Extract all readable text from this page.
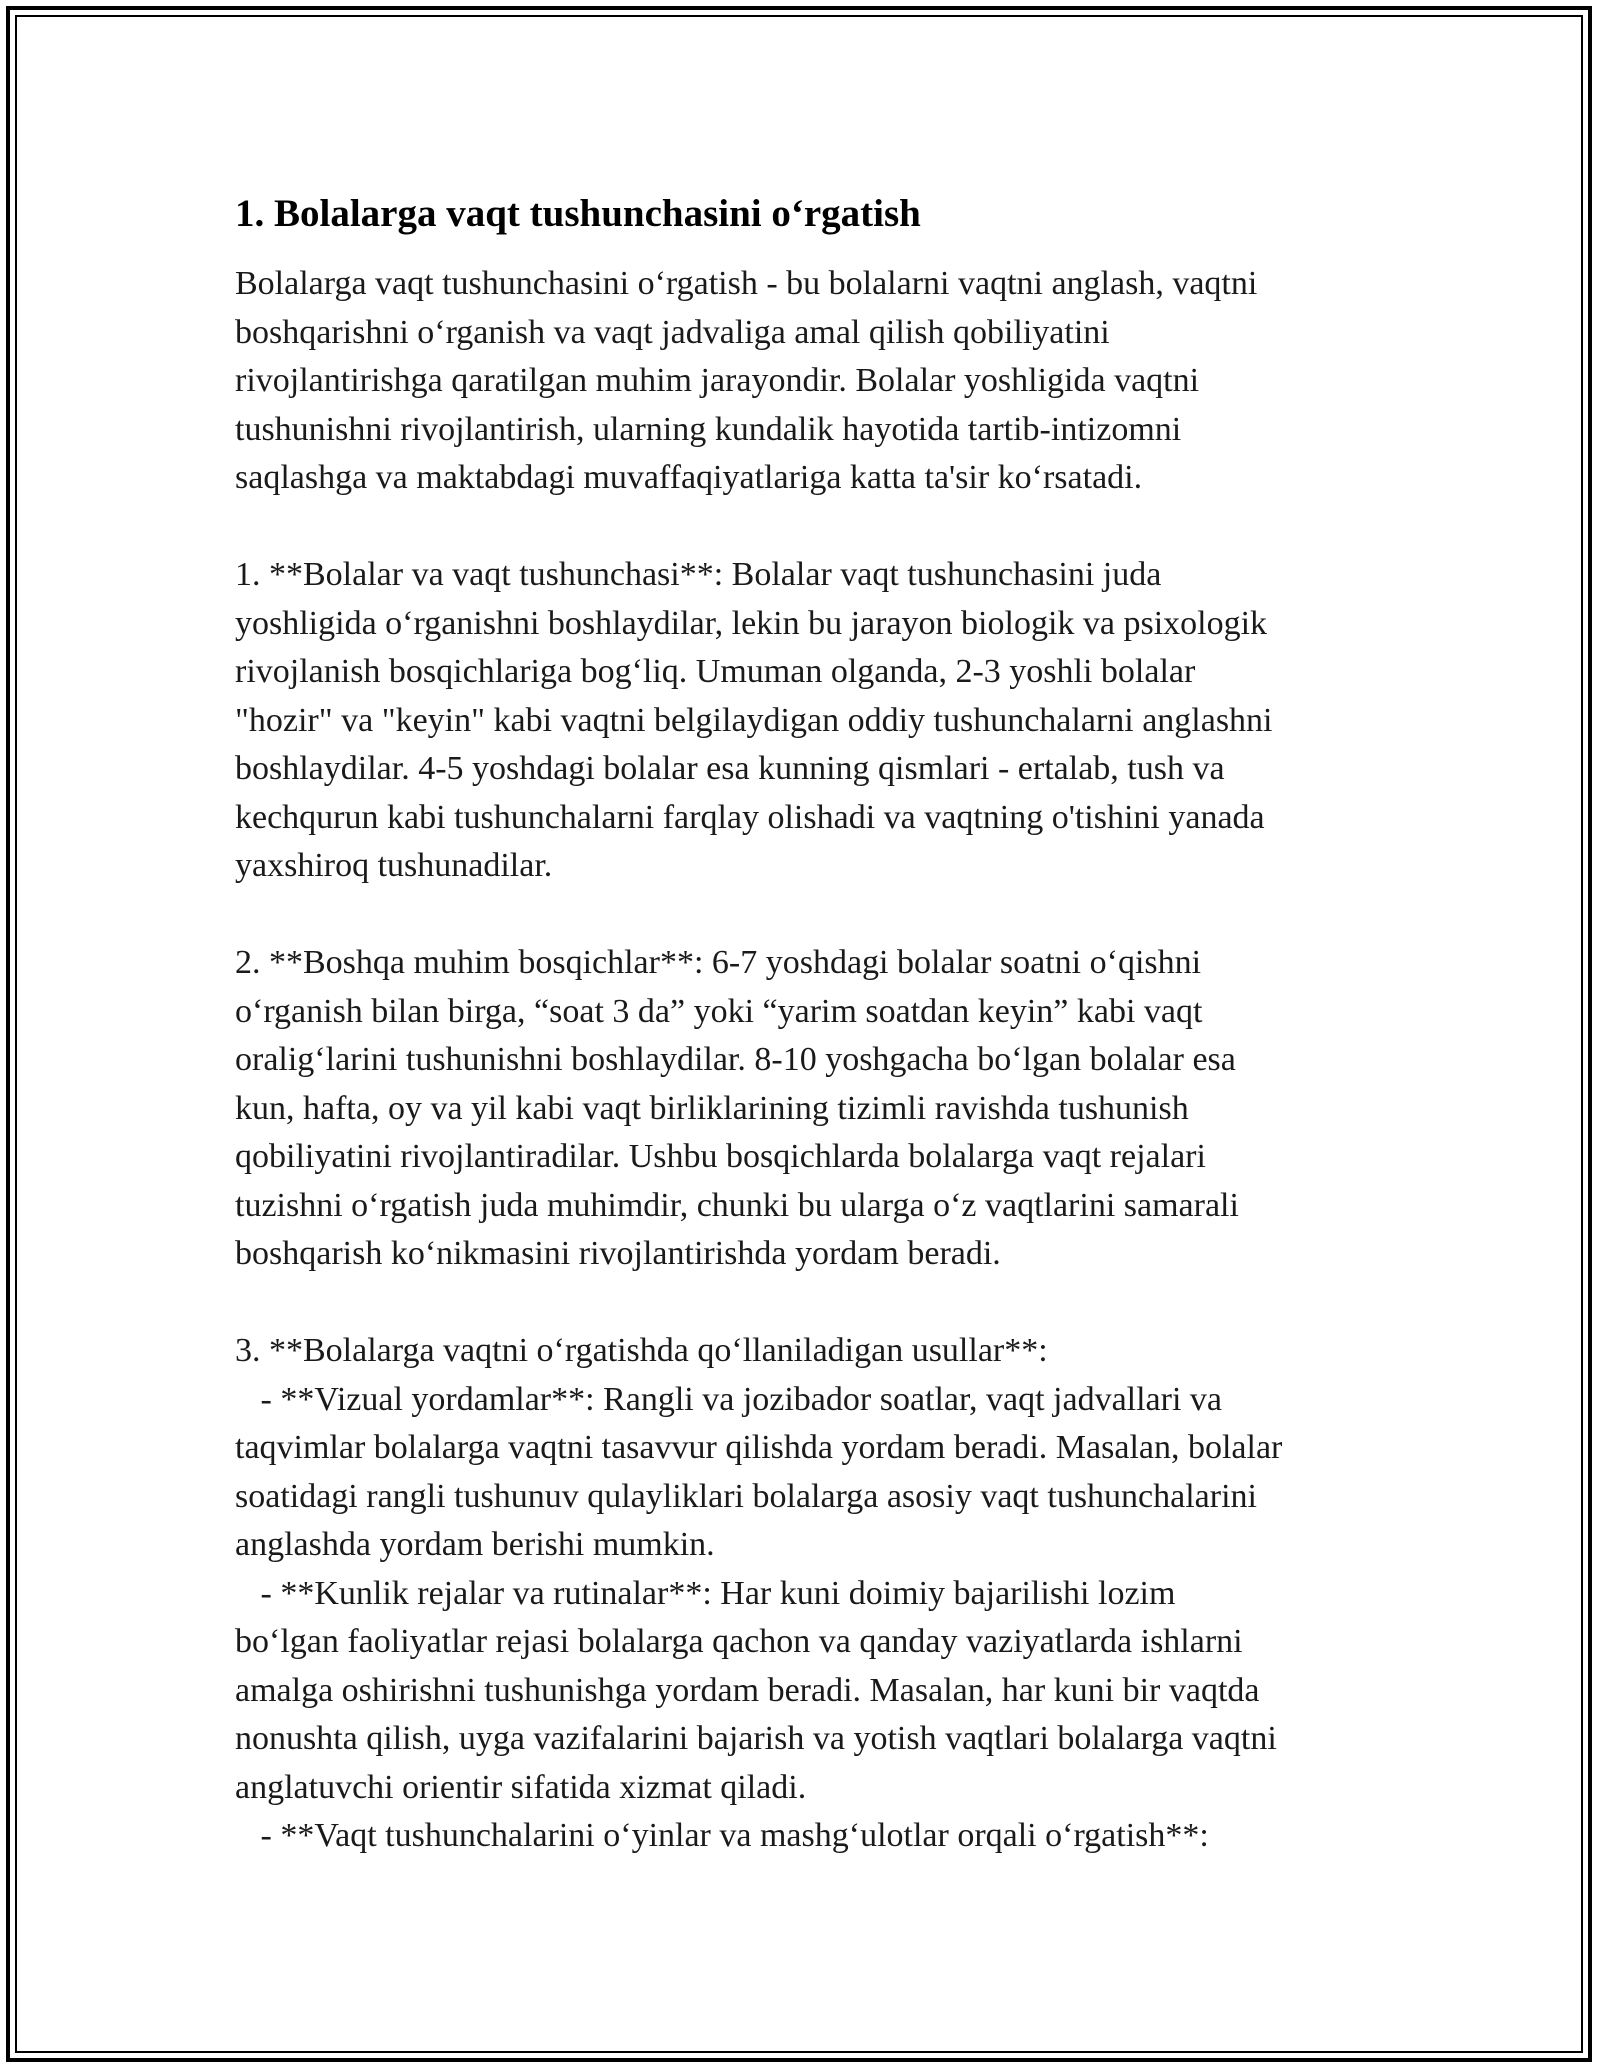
1. Bolalarga vaqt tushunchasini o‘rgatish
Bolalarga vaqt tushunchasini o‘rgatish - bu bolalarni vaqtni anglash, vaqtni
boshqarishni o‘rganish va vaqt jadvaliga amal qilish qobiliyatini
rivojlantirishga qaratilgan muhim jarayondir. Bolalar yoshligida vaqtni
tushunishni rivojlantirish, ularning kundalik hayotida tartib-intizomni
saqlashga va maktabdagi muvaffaqiyatlariga katta ta'sir ko‘rsatadi.
1. **Bolalar va vaqt tushunchasi**: Bolalar vaqt tushunchasini juda
yoshligida o‘rganishni boshlaydilar, lekin bu jarayon biologik va psixologik
rivojlanish bosqichlariga bog‘liq. Umuman olganda, 2-3 yoshli bolalar
"hozir" va "keyin" kabi vaqtni belgilaydigan oddiy tushunchalarni anglashni
boshlaydilar. 4-5 yoshdagi bolalar esa kunning qismlari - ertalab, tush va
kechqurun kabi tushunchalarni farqlay olishadi va vaqtning o'tishini yanada
yaxshiroq tushunadilar.
2. **Boshqa muhim bosqichlar**: 6-7 yoshdagi bolalar soatni o‘qishni
o‘rganish bilan birga, “soat 3 da” yoki “yarim soatdan keyin” kabi vaqt
oralig‘larini tushunishni boshlaydilar. 8-10 yoshgacha bo‘lgan bolalar esa
kun, hafta, oy va yil kabi vaqt birliklarining tizimli ravishda tushunish
qobiliyatini rivojlantiradilar. Ushbu bosqichlarda bolalarga vaqt rejalari
tuzishni o‘rgatish juda muhimdir, chunki bu ularga o‘z vaqtlarini samarali
boshqarish ko‘nikmasini rivojlantirishda yordam beradi.
3. **Bolalarga vaqtni o‘rgatishda qo‘llaniladigan usullar**:
- **Vizual yordamlar**: Rangli va jozibador soatlar, vaqt jadvallari va
taqvimlar bolalarga vaqtni tasavvur qilishda yordam beradi. Masalan, bolalar
soatidagi rangli tushunuv qulayliklari bolalarga asosiy vaqt tushunchalarini
anglashda yordam berishi mumkin.
- **Kunlik rejalar va rutinalar**: Har kuni doimiy bajarilishi lozim
bo‘lgan faoliyatlar rejasi bolalarga qachon va qanday vaziyatlarda ishlarni
amalga oshirishni tushunishga yordam beradi. Masalan, har kuni bir vaqtda
nonushta qilish, uyga vazifalarini bajarish va yotish vaqtlari bolalarga vaqtni
anglatuvchi orientir sifatida xizmat qiladi.
- **Vaqt tushunchalarini o‘yinlar va mashg‘ulotlar orqali o‘rgatish**:
